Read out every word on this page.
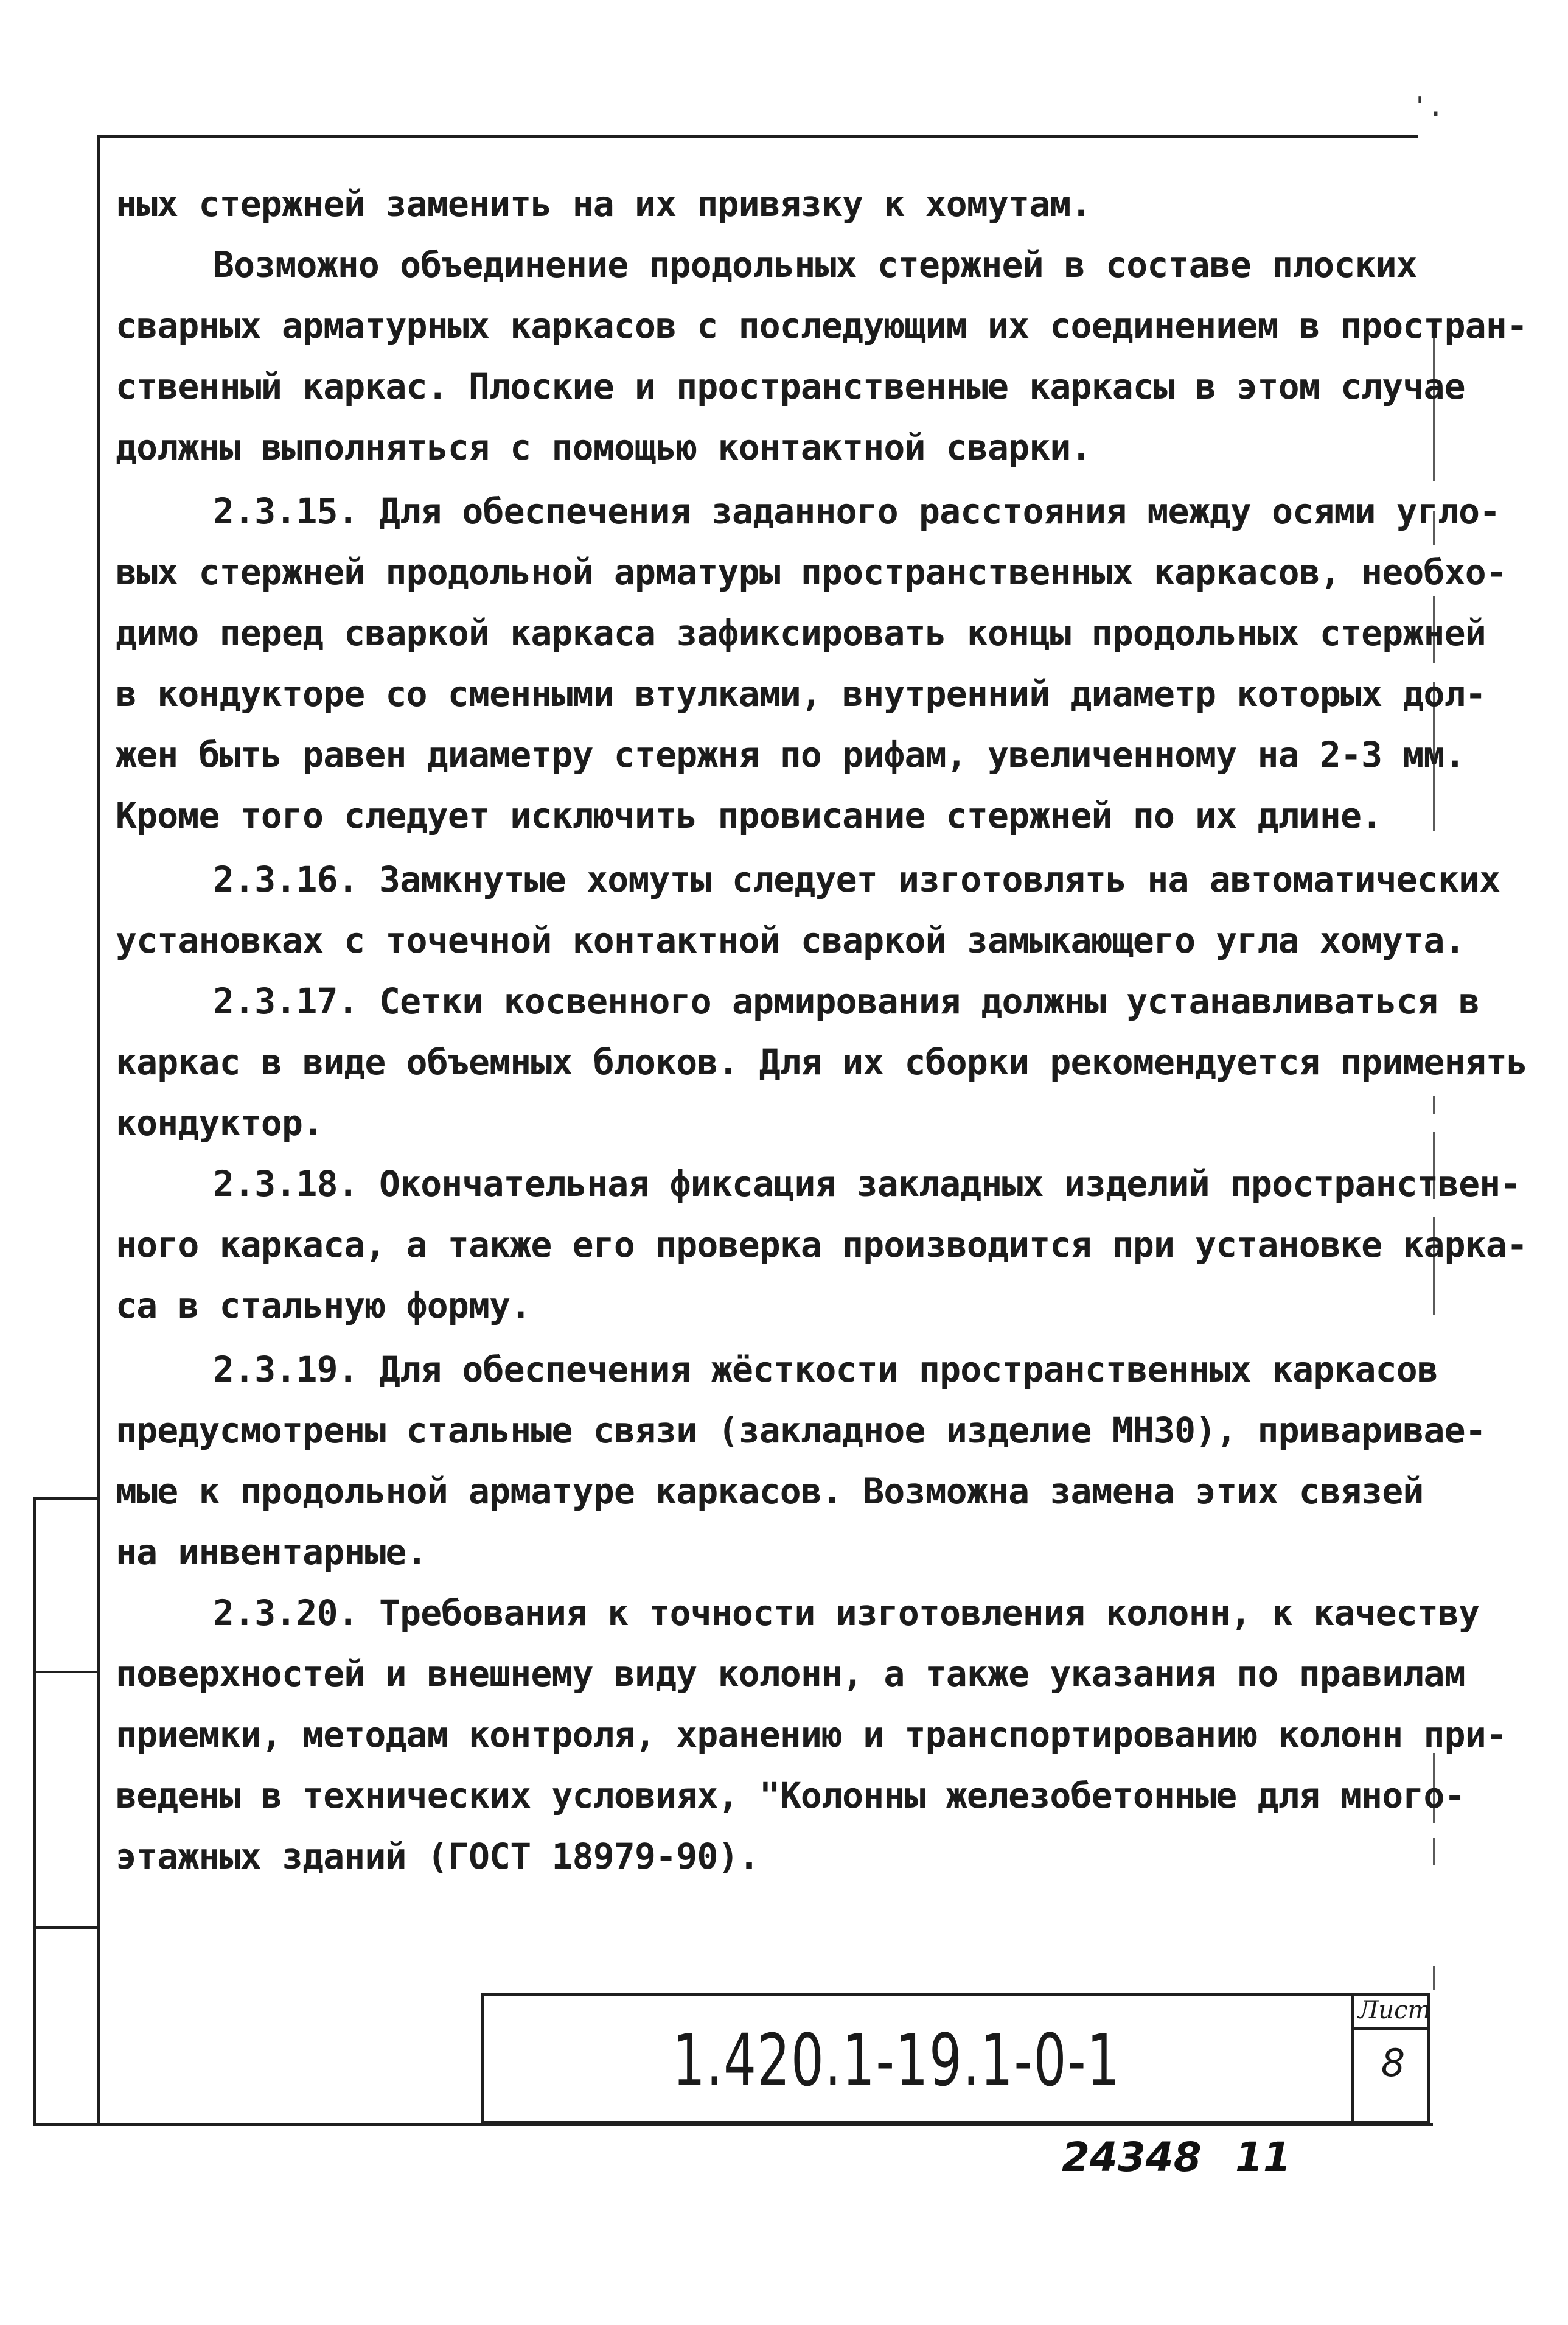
'.
ных стержней заменить на их привязку к хомутам.
Возможно объединение продольных стержней в составе плоских
сварных арматурных каркасов с последующим их соединением в простран-
ственный каркас. Плоские и пространственные каркасы в этом случае
должны выполняться с помощью контактной сварки.
2.3.15. Для обеспечения заданного расстояния между осями угло-
вых стержней продольной арматуры пространственных каркасов, необхо-
димо перед сваркой каркаса зафиксировать концы продольных стержней
в кондукторе со сменными втулками, внутренний диаметр которых дол-
жен быть равен диаметру стержня по рифам, увеличенному на 2-3 мм.
Кроме того следует исключить провисание стержней по их длине.
2.3.16. Замкнутые хомуты следует изготовлять на автоматических
установках с точечной контактной сваркой замыкающего угла хомута.
2.3.17. Сетки косвенного армирования должны устанавливаться в
каркас в виде объемных блоков. Для их сборки рекомендуется применять
кондуктор.
2.3.18. Окончательная фиксация закладных изделий пространствен-
ного каркаса, а также его проверка производится при установке карка-
са в стальную форму.
2.3.19. Для обеспечения жёсткости пространственных каркасов
предусмотрены стальные связи (закладное изделие МН30), привариваe-
мые к продольной арматуре каркасов. Возможна замена этих связей
на инвентарные.
2.3.20. Требования к точности изготовления колонн, к качеству
поверхностей и внешнему виду колонн, а также указания по правилам
приемки, методам контроля, хранению и транспортированию колонн при-
ведены в технических условиях, "Колонны железобетонные для много-
этажных зданий (ГОСТ 18979-90).
1.420.1-19.1-0-1
Лист
8
24348 11
